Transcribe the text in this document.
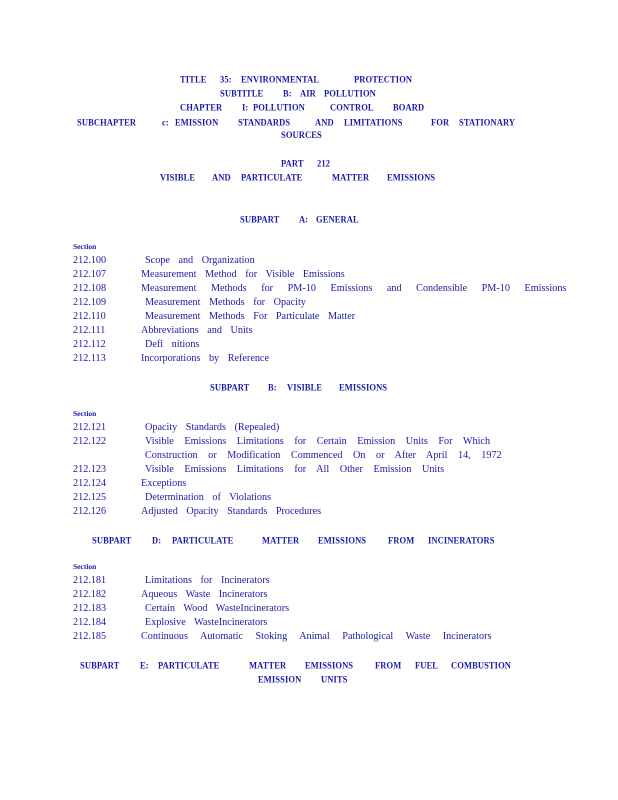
TITLE 35: ENVIRONMENTAL	PROTECTION
SUBTITLE B: AIR POLLUTION
CHAPTER I: POLLUTION	CONTROL BOARD
SUBCHAPTER	c: EMISSION STANDARDS	AND LIMITATIONS	FOR STATIONARY
SOURCES
PART 212
VISIBLE AND PARTICULATE	MATTER EMISSIONS
SUBPART A: GENERAL
Section
212.100	Scope and Organization
212.107	Measurement Method for Visible Emissions
212.108	Measurement Methods for PM-10 Emissions and Condensible PM-10 Emissions
212.109	Measurement Methods for Opacity
212.110	Measurement Methods For Particulate Matter
212.111	Abbreviations and Units
212.112	Defi nitions
212.113	Incorporations by Reference
SUBPART B: VISIBLE EMISSIONS
Section
212.121	Opacity Standards (Repealed)
212.122	Visible Emissions Limitations for Certain Emission Units For Which
Construction or Modification Commenced On or After April 14, 1972
212.123	Visible Emissions Limitations for All Other Emission Units
212.124	Exceptions
212.125	Determination of Violations
212.126	Adjusted Opacity Standards Procedures
SUBPART D: PARTICULATE	MATTER EMISSIONS	FROM INCINERATORS
Section
212.181	Limitations for Incinerators
212.182	Aqueous Waste Incinerators
212.183	Certain Wood WasteIncinerators
212.184	Explosive WasteIncinerators
212.185	Continuous Automatic Stoking Animal Pathological Waste Incinerators
SUBPART E: PARTICULATE	MATTER EMISSIONS	FROM FUEL COMBUSTION
EMISSION UNITS
